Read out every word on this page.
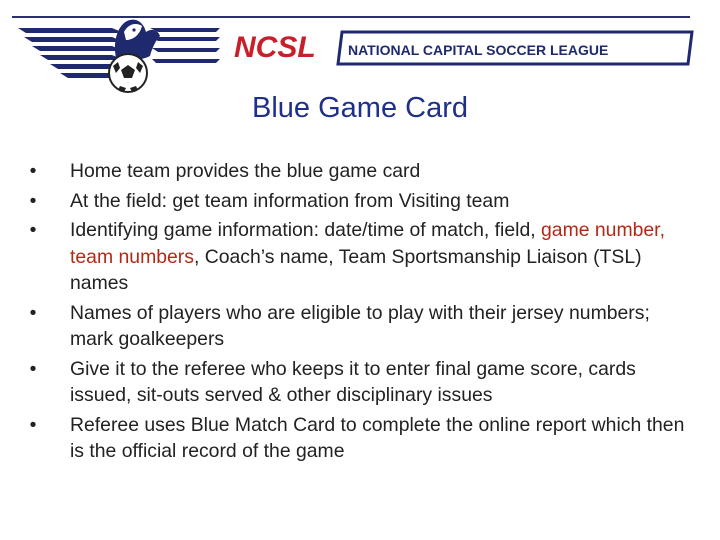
NCSL NATIONAL CAPITAL SOCCER LEAGUE
Blue Game Card
• Home team provides the blue game card
• At the field: get team information from Visiting team
• Identifying game information: date/time of match, field, game number, team numbers, Coach’s name, Team Sportsmanship Liaison (TSL) names
• Names of players who are eligible to play with their jersey numbers; mark goalkeepers
• Give it to the referee who keeps it to enter final game score, cards issued, sit-outs served & other disciplinary issues
• Referee uses Blue Match Card to complete the online report which then is the official record of the game
